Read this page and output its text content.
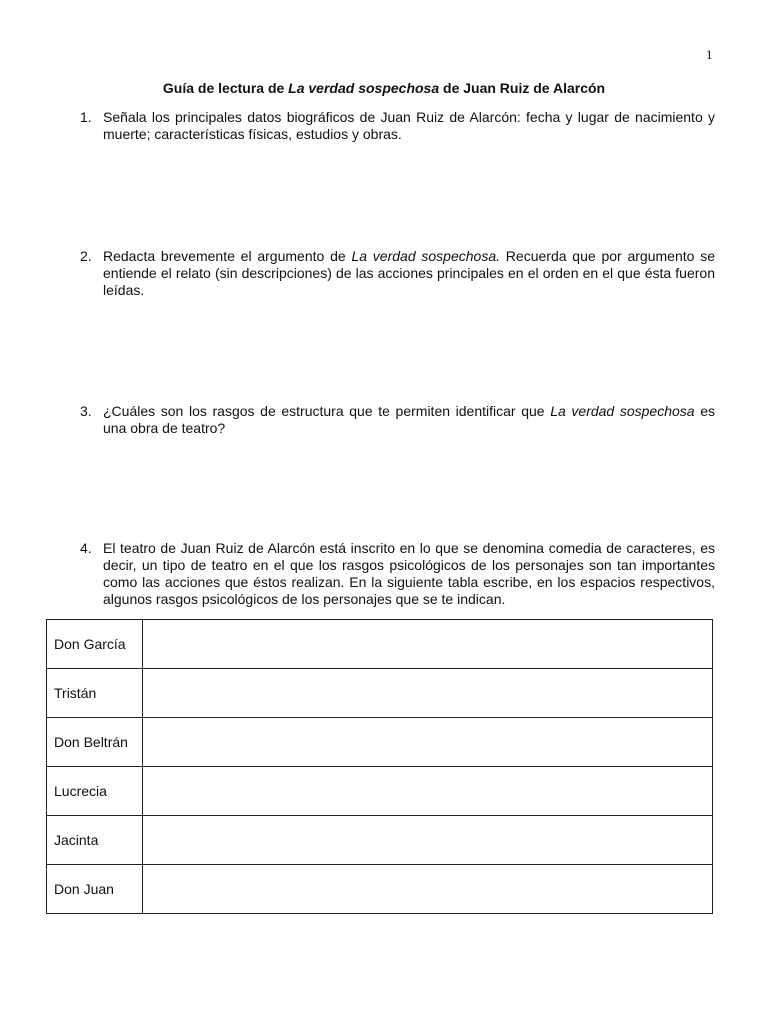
1
Guía de lectura de La verdad sospechosa de Juan Ruiz de Alarcón
1. Señala los principales datos biográficos de Juan Ruiz de Alarcón: fecha y lugar de nacimiento y muerte; características físicas, estudios y obras.
2. Redacta brevemente el argumento de La verdad sospechosa. Recuerda que por argumento se entiende el relato (sin descripciones) de las acciones principales en el orden en el que ésta fueron leídas.
3. ¿Cuáles son los rasgos de estructura que te permiten identificar que La verdad sospechosa es una obra de teatro?
4. El teatro de Juan Ruiz de Alarcón está inscrito en lo que se denomina comedia de caracteres, es decir, un tipo de teatro en el que los rasgos psicológicos de los personajes son tan importantes como las acciones que éstos realizan. En la siguiente tabla escribe, en los espacios respectivos, algunos rasgos psicológicos de los personajes que se te indican.
Don García	
Tristán	
Don Beltrán	
Lucrecia	
Jacinta	
Don Juan	
